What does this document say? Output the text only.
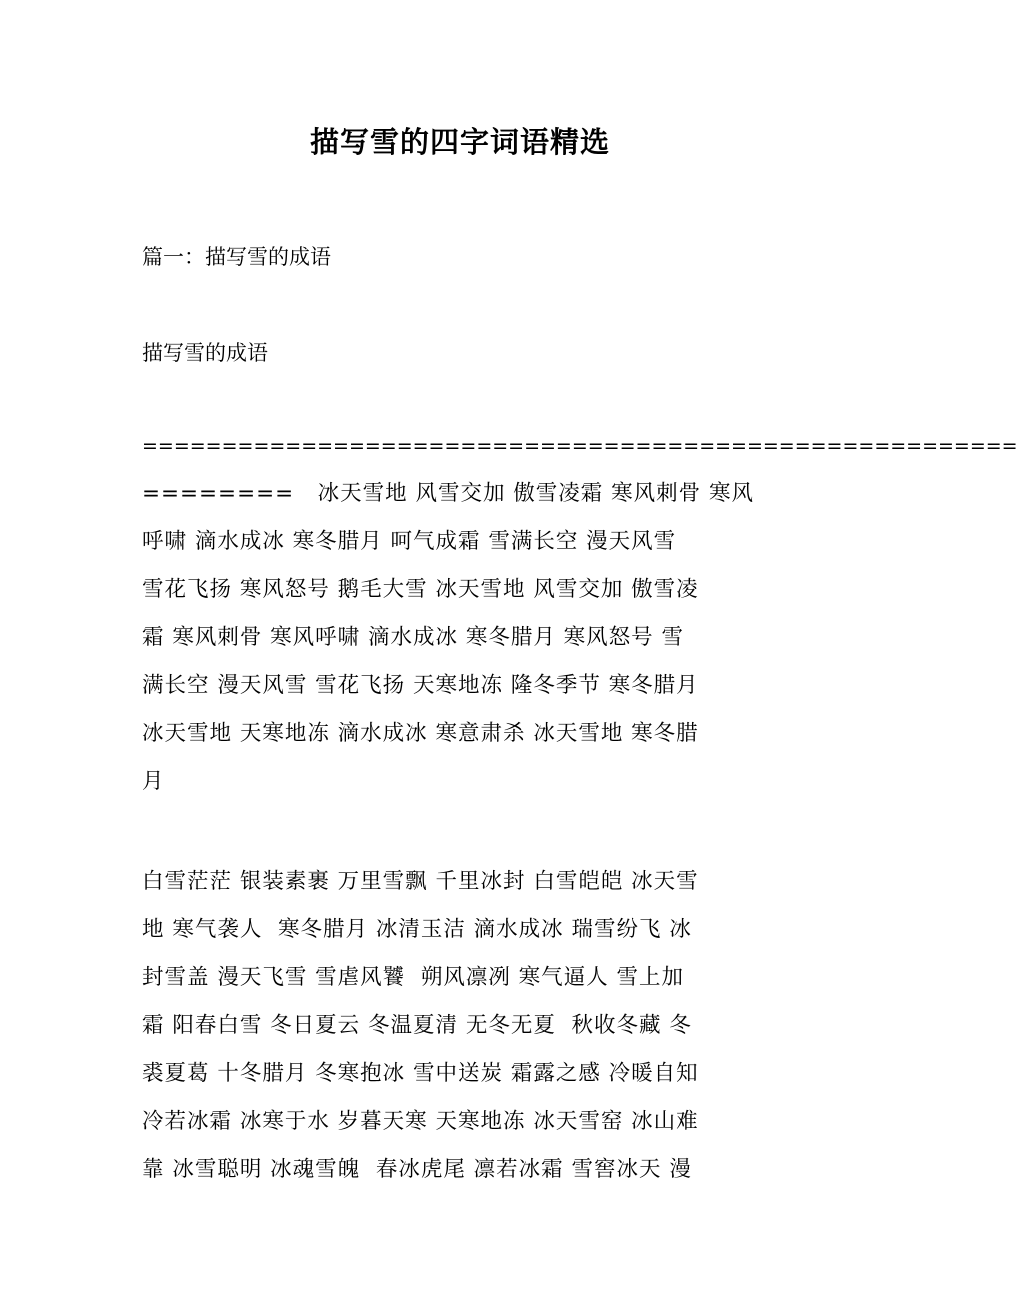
描写雪的四字词语精选
篇一：描写雪的成语
描写雪的成语
=======================================================
========   冰天雪地 风雪交加 傲雪凌霜 寒风刺骨 寒风
呼啸 滴水成冰 寒冬腊月 呵气成霜 雪满长空 漫天风雪
雪花飞扬 寒风怒号 鹅毛大雪 冰天雪地 风雪交加 傲雪凌
霜 寒风刺骨 寒风呼啸 滴水成冰 寒冬腊月 寒风怒号 雪
满长空 漫天风雪 雪花飞扬 天寒地冻 隆冬季节 寒冬腊月
冰天雪地 天寒地冻 滴水成冰 寒意肃杀 冰天雪地 寒冬腊
月
白雪茫茫 银装素裹 万里雪飘 千里冰封 白雪皑皑 冰天雪
地 寒气袭人  寒冬腊月 冰清玉洁 滴水成冰 瑞雪纷飞 冰
封雪盖 漫天飞雪 雪虐风饕  朔风凛冽 寒气逼人 雪上加
霜 阳春白雪 冬日夏云 冬温夏清 无冬无夏  秋收冬藏 冬
裘夏葛 十冬腊月 冬寒抱冰 雪中送炭 霜露之感 冷暖自知
冷若冰霜 冰寒于水 岁暮天寒 天寒地冻 冰天雪窑 冰山难
靠 冰雪聪明 冰魂雪魄  春冰虎尾 凛若冰霜 雪窖冰天 漫
